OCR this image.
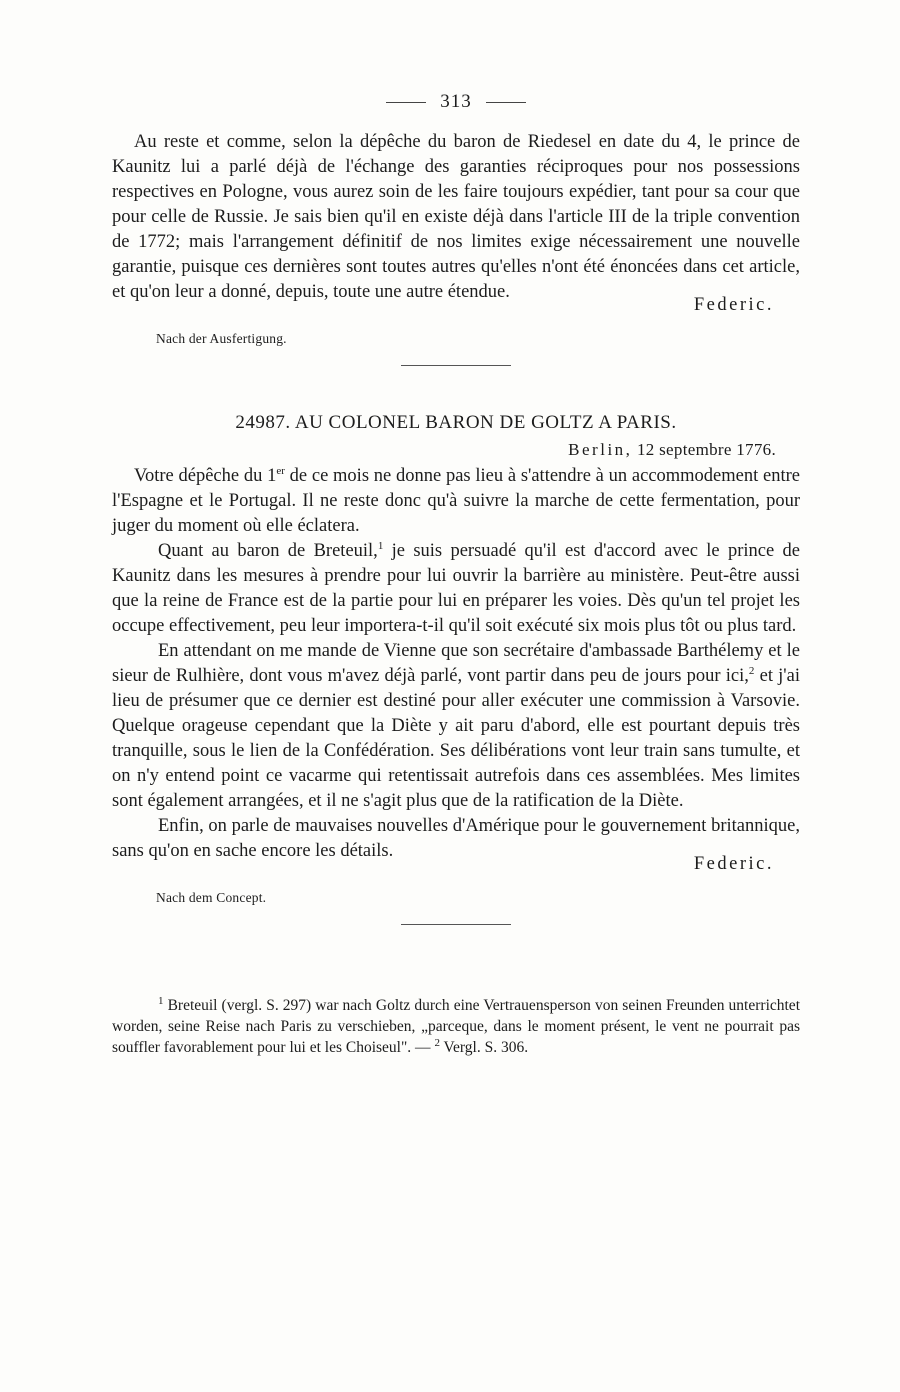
313

Au reste et comme, selon la dépêche du baron de Riedesel en date du 4, le prince de Kaunitz lui a parlé déjà de l'échange des garanties réciproques pour nos possessions respectives en Pologne, vous aurez soin de les faire toujours expédier, tant pour sa cour que pour celle de Russie. Je sais bien qu'il en existe déjà dans l'article III de la triple convention de 1772; mais l'arrangement définitif de nos limites exige nécessairement une nouvelle garantie, puisque ces dernières sont toutes autres qu'elles n'ont été énoncées dans cet article, et qu'on leur a donné, depuis, toute une autre étendue.

Federic.
Nach der Ausfertigung.
24987. AU COLONEL BARON DE GOLTZ A PARIS.
Berlin, 12 septembre 1776.

Votre dépêche du 1er de ce mois ne donne pas lieu à s'attendre à un accommodement entre l'Espagne et le Portugal. Il ne reste donc qu'à suivre la marche de cette fermentation, pour juger du moment où elle éclatera.

Quant au baron de Breteuil,$^1$ je suis persuadé qu'il est d'accord avec le prince de Kaunitz dans les mesures à prendre pour lui ouvrir la barrière au ministère. Peut-être aussi que la reine de France est de la partie pour lui en préparer les voies. Dès qu'un tel projet les occupe effectivement, peu leur importera-t-il qu'il soit exécuté six mois plus tôt ou plus tard.

En attendant on me mande de Vienne que son secrétaire d'ambassade Barthélemy et le sieur de Rulhière, dont vous m'avez déjà parlé, vont partir dans peu de jours pour ici,$^2$ et j'ai lieu de présumer que ce dernier est destiné pour aller exécuter une commission à Varsovie. Quelque orageuse cependant que la Diète y ait paru d'abord, elle est pourtant depuis très tranquille, sous le lien de la Confédération. Ses délibérations vont leur train sans tumulte, et on n'y entend point ce vacarme qui retentissait autrefois dans ces assemblées. Mes limites sont également arrangées, et il ne s'agit plus que de la ratification de la Diète.

Enfin, on parle de mauvaises nouvelles d'Amérique pour le gouvernement britannique, sans qu'on en sache encore les détails.

Federic.
Nach dem Concept.

$^1$ Breteuil (vergl. S. 297) war nach Goltz durch eine Vertrauensperson von seinen Freunden unterrichtet worden, seine Reise nach Paris zu verschieben, „parceque, dans le moment présent, le vent ne pourrait pas souffler favorablement pour lui et les Choiseul". — $^2$ Vergl. S. 306.
